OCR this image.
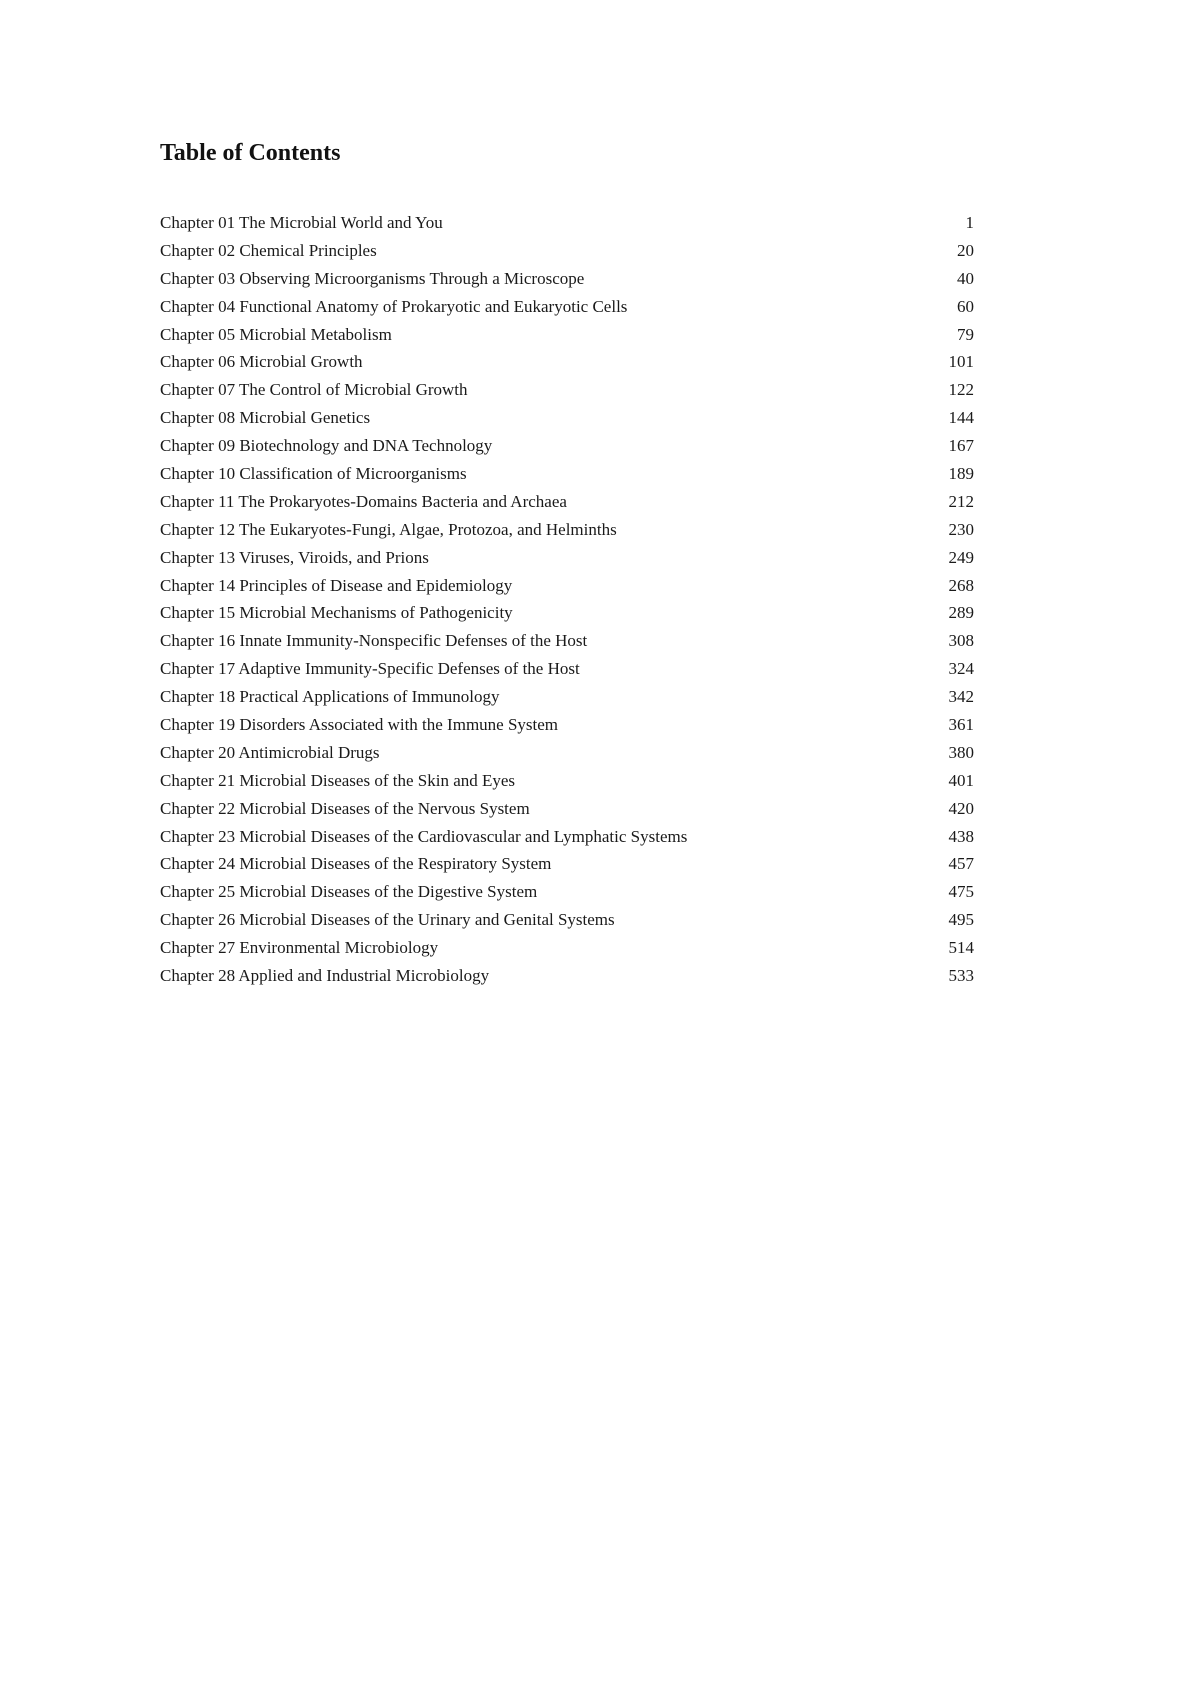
Table of Contents
Chapter 01 The Microbial World and You	1
Chapter 02 Chemical Principles	20
Chapter 03 Observing Microorganisms Through a Microscope	40
Chapter 04 Functional Anatomy of Prokaryotic and Eukaryotic Cells	60
Chapter 05 Microbial Metabolism	79
Chapter 06 Microbial Growth	101
Chapter 07 The Control of Microbial Growth	122
Chapter 08 Microbial Genetics	144
Chapter 09 Biotechnology and DNA Technology	167
Chapter 10 Classification of Microorganisms	189
Chapter 11 The Prokaryotes-Domains Bacteria and Archaea	212
Chapter 12 The Eukaryotes-Fungi, Algae, Protozoa, and Helminths	230
Chapter 13 Viruses, Viroids, and Prions	249
Chapter 14 Principles of Disease and Epidemiology	268
Chapter 15 Microbial Mechanisms of Pathogenicity	289
Chapter 16 Innate Immunity-Nonspecific Defenses of the Host	308
Chapter 17 Adaptive Immunity-Specific Defenses of the Host	324
Chapter 18 Practical Applications of Immunology	342
Chapter 19 Disorders Associated with the Immune System	361
Chapter 20 Antimicrobial Drugs	380
Chapter 21 Microbial Diseases of the Skin and Eyes	401
Chapter 22 Microbial Diseases of the Nervous System	420
Chapter 23 Microbial Diseases of the Cardiovascular and Lymphatic Systems	438
Chapter 24 Microbial Diseases of the Respiratory System	457
Chapter 25 Microbial Diseases of the Digestive System	475
Chapter 26 Microbial Diseases of the Urinary and Genital Systems	495
Chapter 27 Environmental Microbiology	514
Chapter 28 Applied and Industrial Microbiology	533
